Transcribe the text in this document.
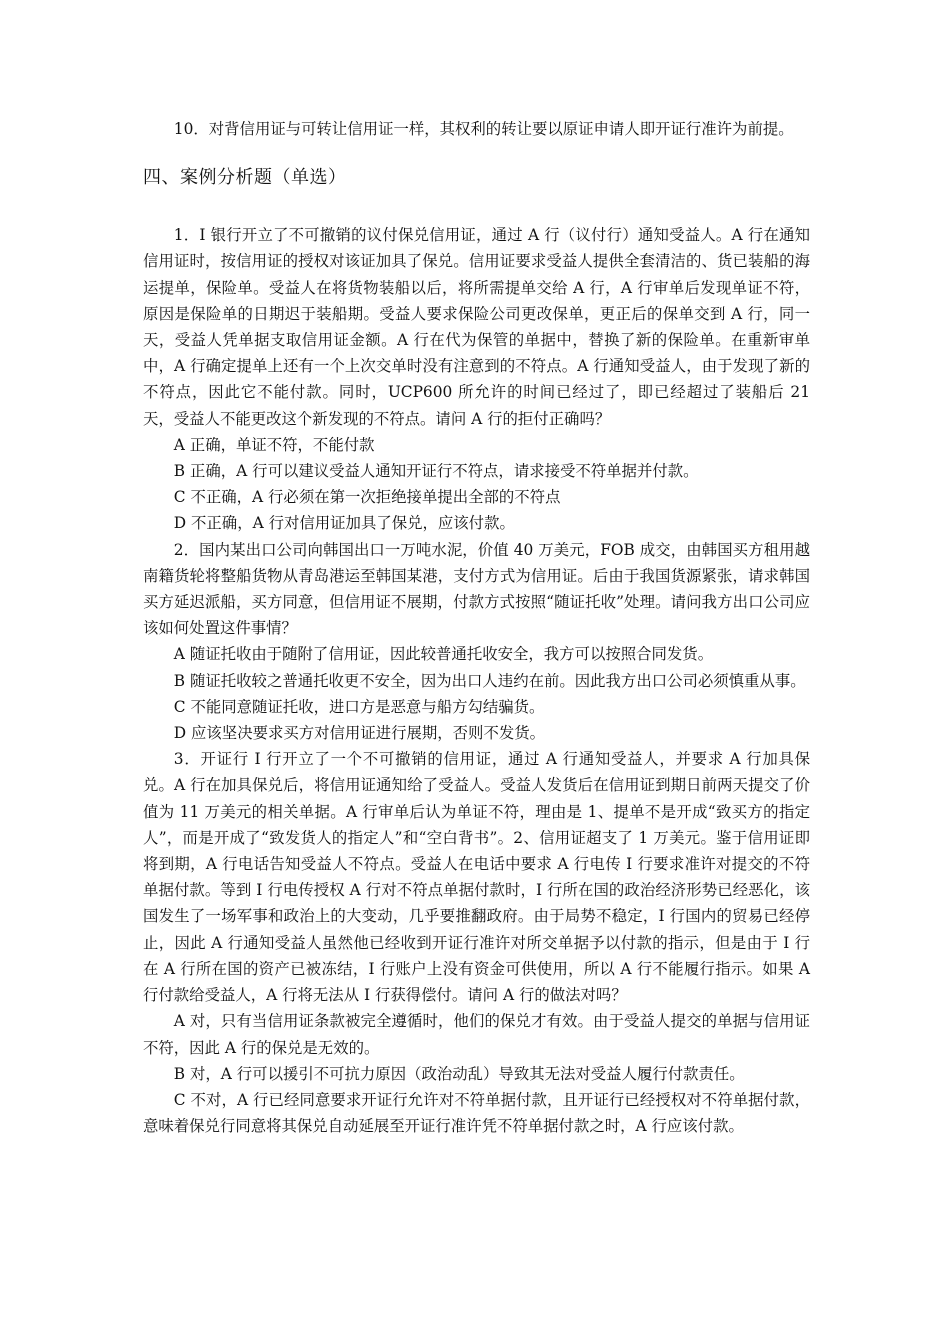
10．对背信用证与可转让信用证一样，其权利的转让要以原证申请人即开证行准许为前提。

四、案例分析题（单选）

1．I 银行开立了不可撤销的议付保兑信用证，通过 A 行（议付行）通知受益人。A 行在通知信用证时，按信用证的授权对该证加具了保兑。信用证要求受益人提供全套清洁的、货已装船的海运提单，保险单。受益人在将货物装船以后，将所需提单交给 A 行，A 行审单后发现单证不符，原因是保险单的日期迟于装船期。受益人要求保险公司更改保单，更正后的保单交到 A 行，同一天，受益人凭单据支取信用证金额。A 行在代为保管的单据中，替换了新的保险单。在重新审单中，A 行确定提单上还有一个上次交单时没有注意到的不符点。A 行通知受益人，由于发现了新的不符点，因此它不能付款。同时，UCP600 所允许的时间已经过了，即已经超过了装船后 21 天，受益人不能更改这个新发现的不符点。请问 A 行的拒付正确吗？

A 正确，单证不符，不能付款

B 正确，A 行可以建议受益人通知开证行不符点，请求接受不符单据并付款。

C 不正确，A 行必须在第一次拒绝接单提出全部的不符点

D 不正确，A 行对信用证加具了保兑，应该付款。

2．国内某出口公司向韩国出口一万吨水泥，价值 40 万美元，FOB 成交，由韩国买方租用越南籍货轮将整船货物从青岛港运至韩国某港，支付方式为信用证。后由于我国货源紧张，请求韩国买方延迟派船，买方同意，但信用证不展期，付款方式按照“随证托收”处理。请问我方出口公司应该如何处置这件事情？

A 随证托收由于随附了信用证，因此较普通托收安全，我方可以按照合同发货。

B 随证托收较之普通托收更不安全，因为出口人违约在前。因此我方出口公司必须慎重从事。

C 不能同意随证托收，进口方是恶意与船方勾结骗货。

D 应该坚决要求买方对信用证进行展期，否则不发货。

3．开证行 I 行开立了一个不可撤销的信用证，通过 A 行通知受益人，并要求 A 行加具保兑。A 行在加具保兑后，将信用证通知给了受益人。受益人发货后在信用证到期日前两天提交了价值为 11 万美元的相关单据。A 行审单后认为单证不符，理由是 1、提单不是开成“致买方的指定人”，而是开成了“致发货人的指定人”和“空白背书”。2、信用证超支了 1 万美元。鉴于信用证即将到期，A 行电话告知受益人不符点。受益人在电话中要求 A 行电传 I 行要求准许对提交的不符单据付款。等到 I 行电传授权 A 行对不符点单据付款时，I 行所在国的政治经济形势已经恶化，该国发生了一场军事和政治上的大变动，几乎要推翻政府。由于局势不稳定，I 行国内的贸易已经停止，因此 A 行通知受益人虽然他已经收到开证行准许对所交单据予以付款的指示，但是由于 I 行在 A 行所在国的资产已被冻结，I 行账户上没有资金可供使用，所以 A 行不能履行指示。如果 A 行付款给受益人，A 行将无法从 I 行获得偿付。请问 A 行的做法对吗？

A 对，只有当信用证条款被完全遵循时，他们的保兑才有效。由于受益人提交的单据与信用证不符，因此 A 行的保兑是无效的。

B 对，A 行可以援引不可抗力原因（政治动乱）导致其无法对受益人履行付款责任。

C 不对，A 行已经同意要求开证行允许对不符单据付款，且开证行已经授权对不符单据付款，意味着保兑行同意将其保兑自动延展至开证行准许凭不符单据付款之时，A 行应该付款。
